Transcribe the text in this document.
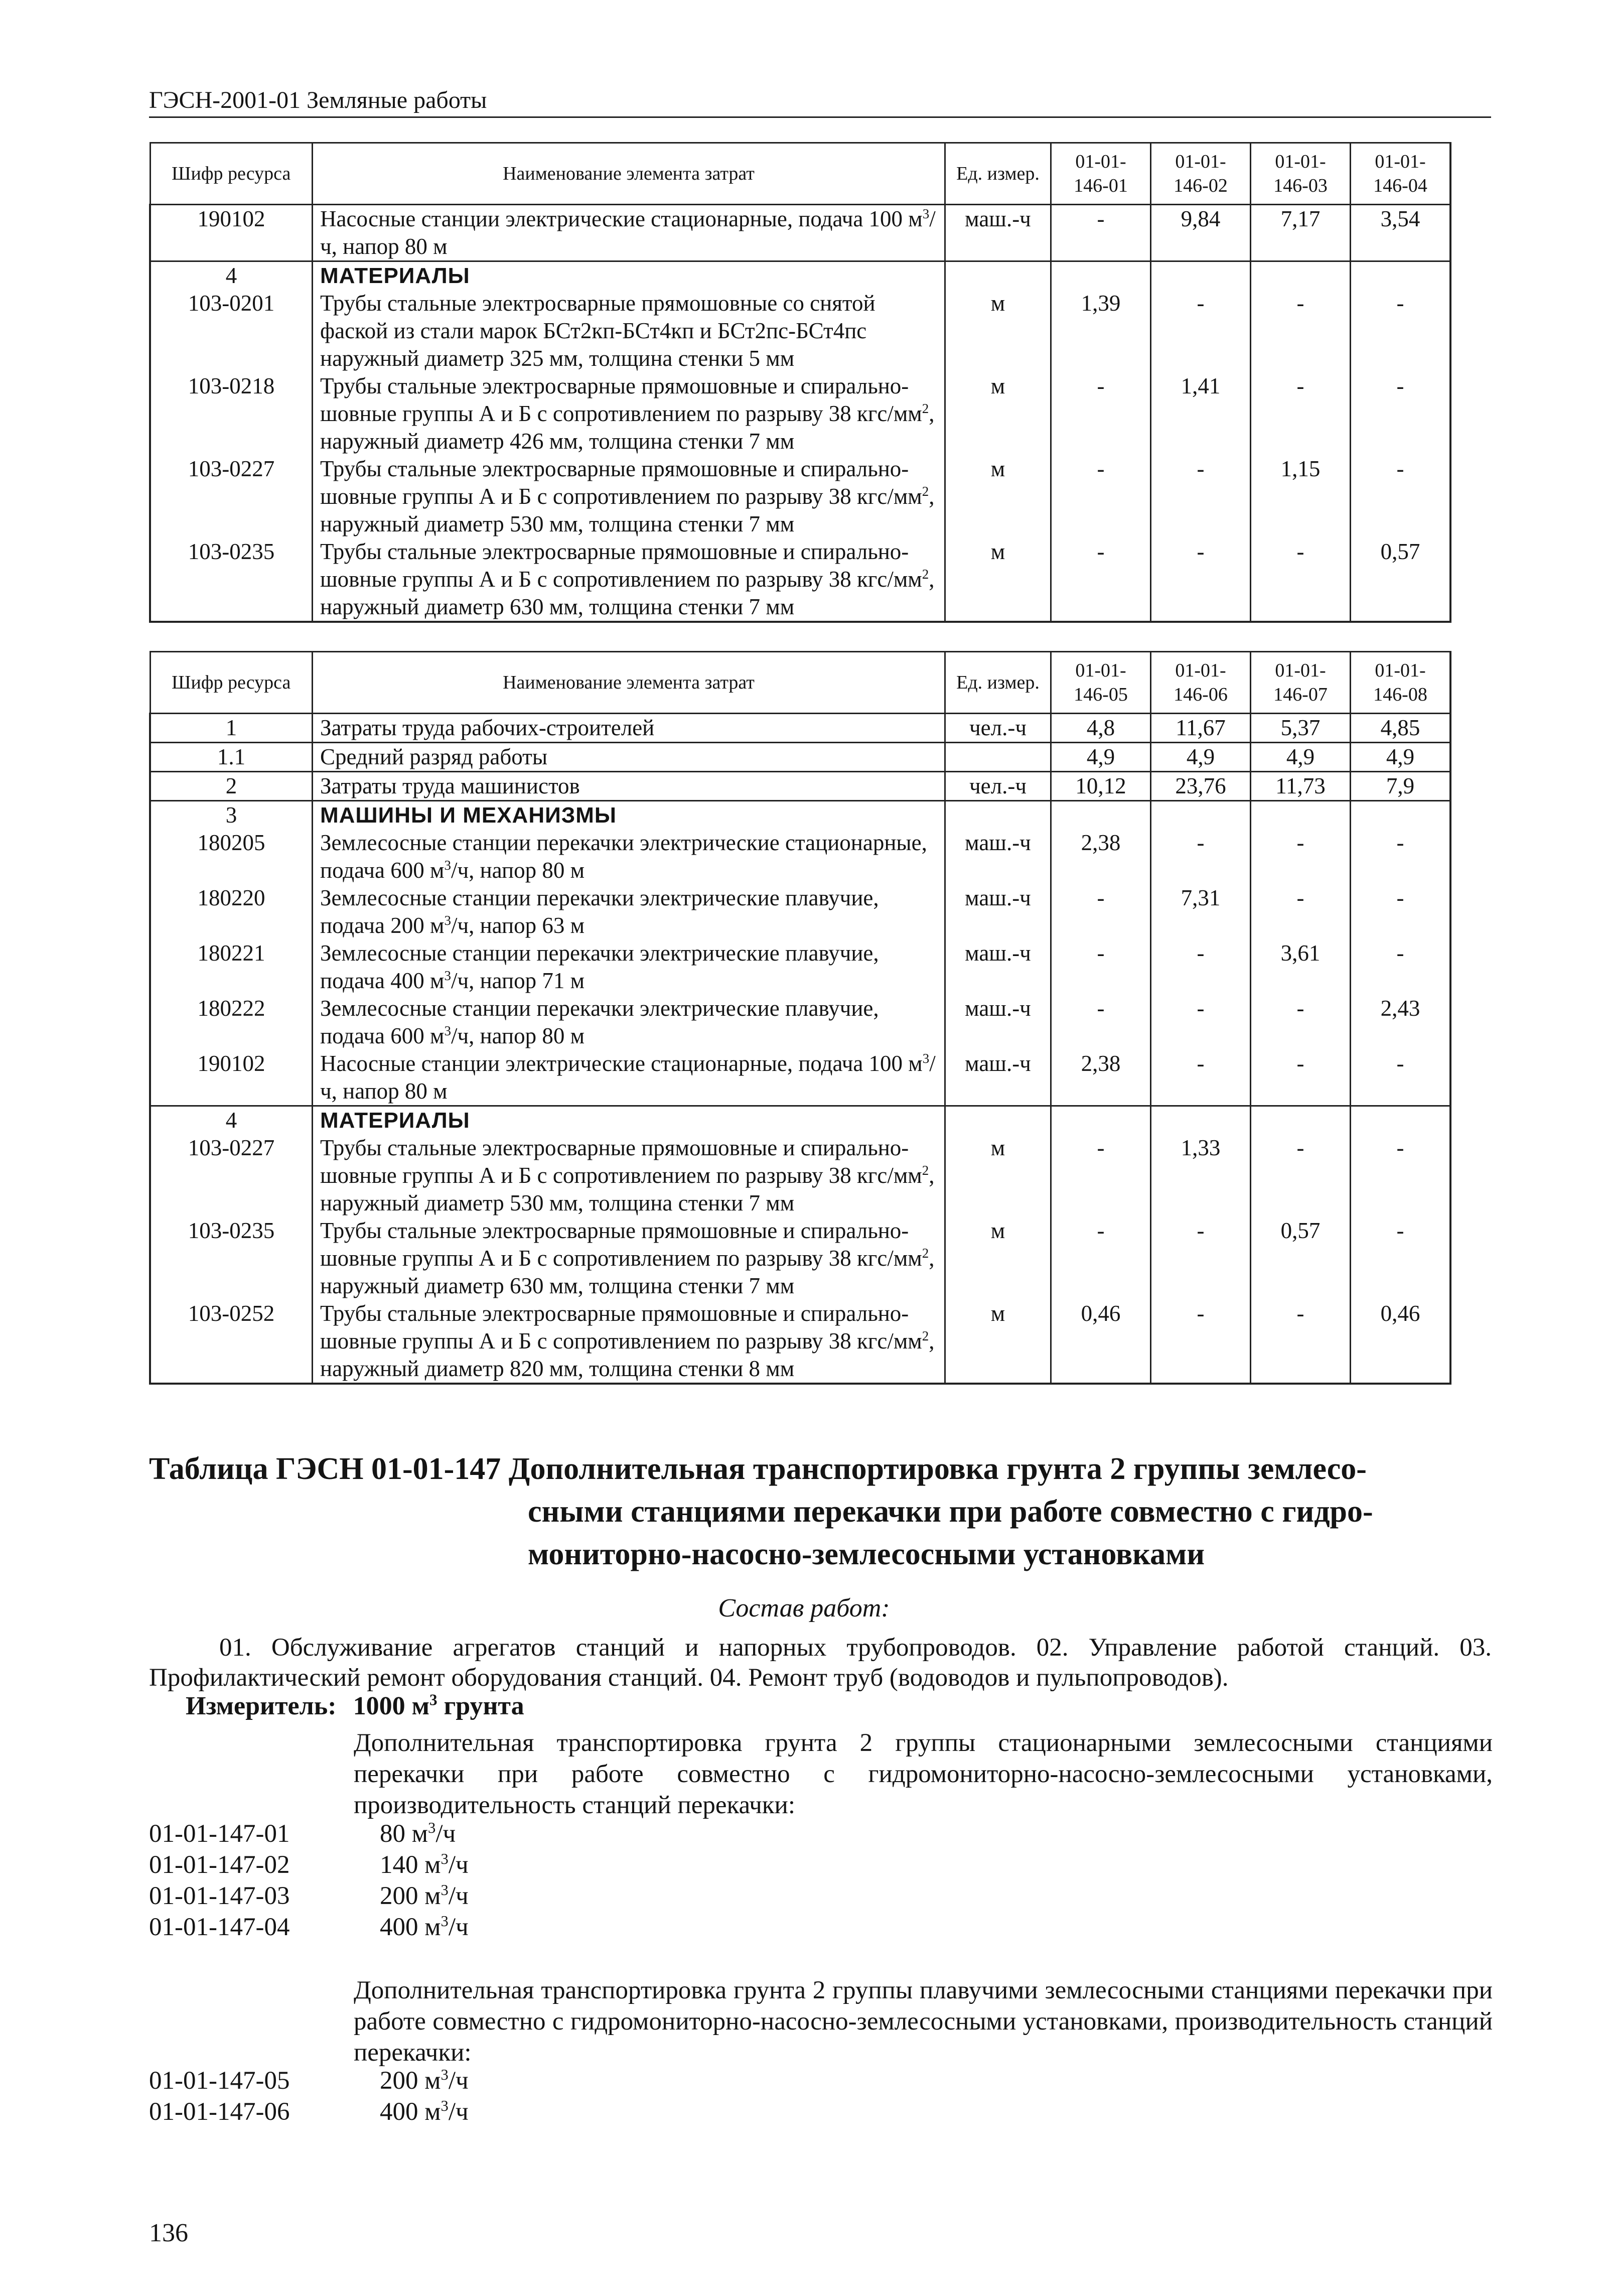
ГЭСН-2001-01 Земляные работы
Шифр ресурса	Наименование элемента затрат	Ед. измер.	01-01-146-01	01-01-146-02	01-01-146-03	01-01-146-04
190102	Насосные станции электрические стационарные, подача 100 $м^3/ч$, напор 80 м	маш.-ч	-	9,84	7,17	3,54
4	МАТЕРИАЛЫ					
103-0201	Трубы стальные электросварные прямошовные со снятой фаской из стали марок БСт2кп-БСт4кп и БСт2пс-БСт4пс наружный диаметр 325 мм, толщина стенки 5 мм	м	1,39	-	-	-
103-0218	Трубы стальные электросварные прямошовные и спирально-шовные группы А и Б с сопротивлением по разрыву 38 кгс/$мм^2$, наружный диаметр 426 мм, толщина стенки 7 мм	м	-	1,41	-	-
103-0227	Трубы стальные электросварные прямошовные и спирально-шовные группы А и Б с сопротивлением по разрыву 38 кгс/$мм^2$, наружный диаметр 530 мм, толщина стенки 7 мм	м	-	-	1,15	-
103-0235	Трубы стальные электросварные прямошовные и спирально-шовные группы А и Б с сопротивлением по разрыву 38 кгс/$мм^2$, наружный диаметр 630 мм, толщина стенки 7 мм	м	-	-	-	0,57
Шифр ресурса	Наименование элемента затрат	Ед. измер.	01-01-146-05	01-01-146-06	01-01-146-07	01-01-146-08
1	Затраты труда рабочих-строителей	чел.-ч	4,8	11,67	5,37	4,85
1.1	Средний разряд работы		4,9	4,9	4,9	4,9
2	Затраты труда машинистов	чел.-ч	10,12	23,76	11,73	7,9
3	МАШИНЫ И МЕХАНИЗМЫ					
180205	Землесосные станции перекачки электрические стационарные, подача 600 $м^3/ч$, напор 80 м	маш.-ч	2,38	-	-	-
180220	Землесосные станции перекачки электрические плавучие, подача 200 $м^3/ч$, напор 63 м	маш.-ч	-	7,31	-	-
180221	Землесосные станции перекачки электрические плавучие, подача 400 $м^3/ч$, напор 71 м	маш.-ч	-	-	3,61	-
180222	Землесосные станции перекачки электрические плавучие, подача 600 $м^3/ч$, напор 80 м	маш.-ч	-	-	-	2,43
190102	Насосные станции электрические стационарные, подача 100 $м^3/ч$, напор 80 м	маш.-ч	2,38	-	-	-
4	МАТЕРИАЛЫ					
103-0227	Трубы стальные электросварные прямошовные и спирально-шовные группы А и Б с сопротивлением по разрыву 38 кгс/$мм^2$, наружный диаметр 530 мм, толщина стенки 7 мм	м	-	1,33	-	-
103-0235	Трубы стальные электросварные прямошовные и спирально-шовные группы А и Б с сопротивлением по разрыву 38 кгс/$мм^2$, наружный диаметр 630 мм, толщина стенки 7 мм	м	-	-	0,57	-
103-0252	Трубы стальные электросварные прямошовные и спирально-шовные группы А и Б с сопротивлением по разрыву 38 кгс/$мм^2$, наружный диаметр 820 мм, толщина стенки 8 мм	м	0,46	-	-	0,46
Таблица ГЭСН 01-01-147 Дополнительная транспортировка грунта 2 группы землесо-
сными станциями перекачки при работе совместно с гидро-
мониторно-насосно-землесосными установками
Состав работ:
01. Обслуживание агрегатов станций и напорных трубопроводов. 02. Управление работой станций. 03. Профилактический ремонт оборудования станций. 04. Ремонт труб (водоводов и пульпопроводов).
Измеритель: 1000 $м^3$ грунта
Дополнительная транспортировка грунта 2 группы стационарными землесосными станциями перекачки при работе совместно с гидромониторно-насосно-землесосными установками, производительность станций перекачки:
01-01-147-01	80 $м^3/ч$
01-01-147-02	140 $м^3/ч$
01-01-147-03	200 $м^3/ч$
01-01-147-04	400 $м^3/ч$
Дополнительная транспортировка грунта 2 группы плавучими землесосными станциями перекачки при работе совместно с гидромониторно-насосно-землесосными установками, производительность станций перекачки:
01-01-147-05	200 $м^3/ч$
01-01-147-06	400 $м^3/ч$
136
